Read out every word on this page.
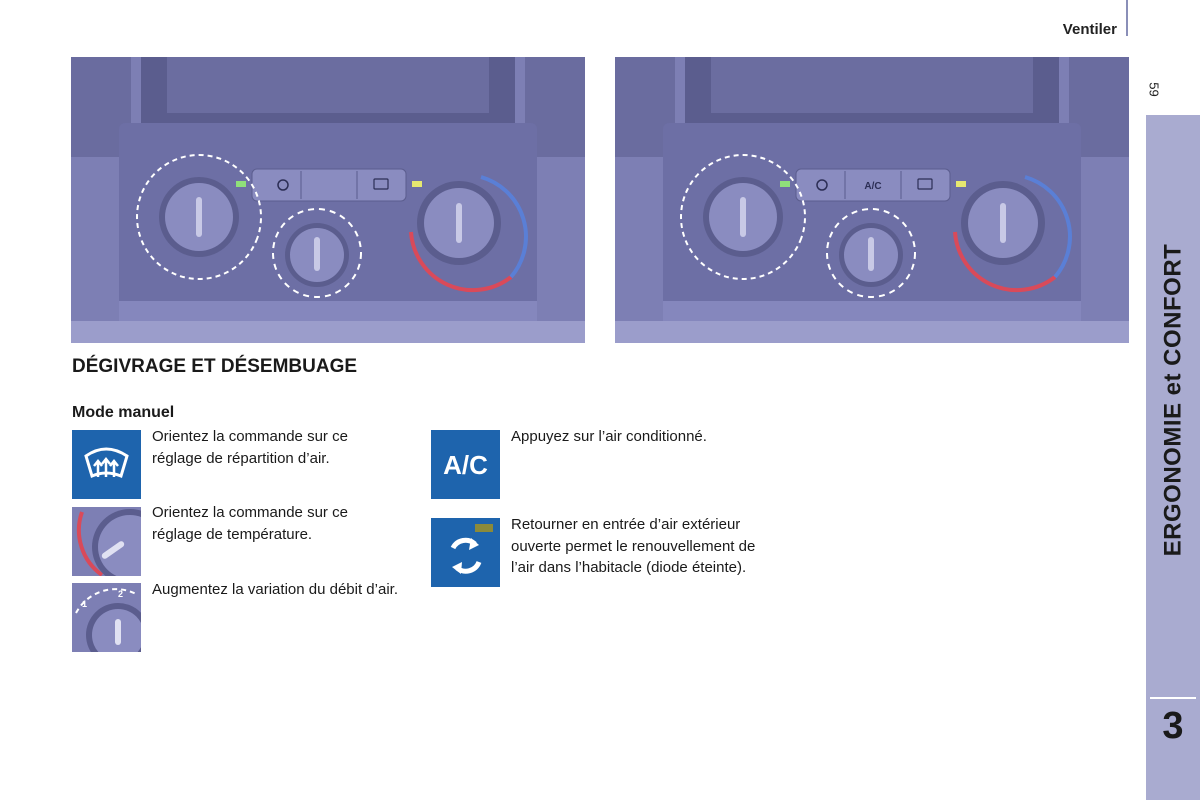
Ventiler
59
ERGONOMIE et CONFORT
3
A/C
DÉGIVRAGE ET DÉSEMBUAGE
Mode manuel
Orientez la commande sur ce réglage de répartition d’air.
Orientez la commande sur ce réglage de température.
1
2 Augmentez la variation du débit d’air.
A/C
Appuyez sur l’air conditionné.
Retourner en entrée d’air extérieur ouverte permet le renouvellement de l’air dans l’habitacle (diode éteinte).
